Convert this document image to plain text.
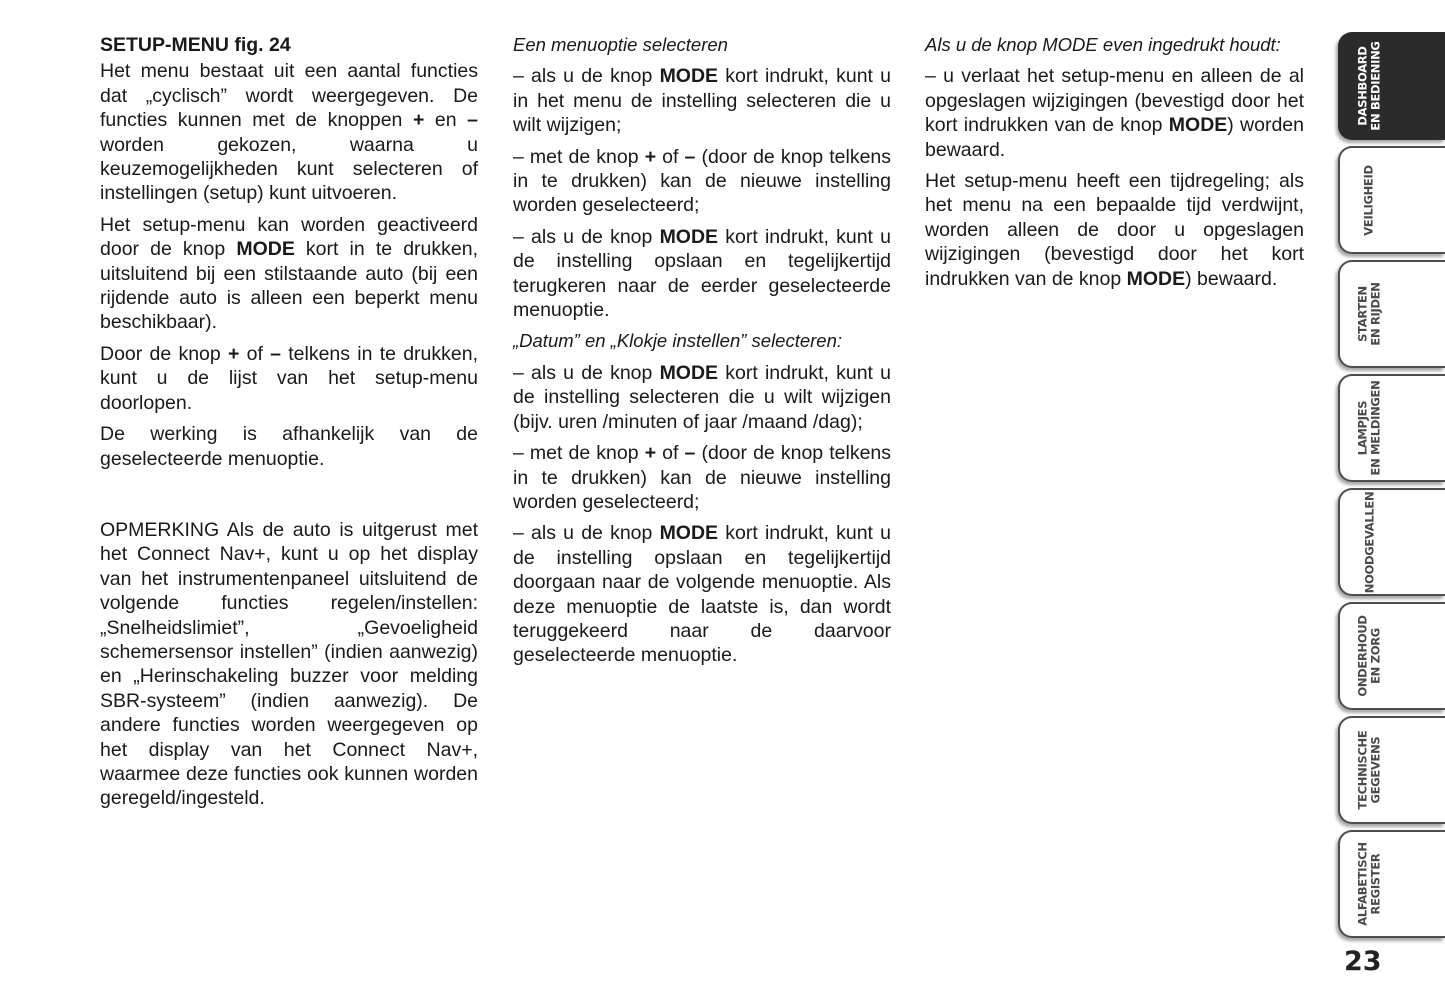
SETUP-MENU fig. 24

Het menu bestaat uit een aantal functies dat „cyclisch” wordt weergegeven. De functies kunnen met de knoppen + en – worden gekozen, waarna u keuzemogelijkheden kunt selecteren of instellingen (setup) kunt uitvoeren.

Het setup-menu kan worden geactiveerd door de knop MODE kort in te drukken, uitsluitend bij een stilstaande auto (bij een rijdende auto is alleen een beperkt menu beschikbaar).

Door de knop + of – telkens in te drukken, kunt u de lijst van het setup-menu doorlopen.

De werking is afhankelijk van de geselecteerde menuoptie.

OPMERKING Als de auto is uitgerust met het Connect Nav+, kunt u op het display van het instrumentenpaneel uitsluitend de volgende functies regelen/instellen: „Snelheidslimiet”, „Gevoeligheid schemersensor instellen” (indien aanwezig) en „Herinschakeling buzzer voor melding SBR-systeem” (indien aanwezig). De andere functies worden weergegeven op het display van het Connect Nav+, waarmee deze functies ook kunnen worden geregeld/ingesteld.

Een menuoptie selecteren

– als u de knop MODE kort indrukt, kunt u in het menu de instelling selecteren die u wilt wijzigen;

– met de knop + of – (door de knop telkens in te drukken) kan de nieuwe instelling worden geselecteerd;

– als u de knop MODE kort indrukt, kunt u de instelling opslaan en tegelijkertijd terugkeren naar de eerder geselecteerde menuoptie.

„Datum” en „Klokje instellen” selecteren:

– als u de knop MODE kort indrukt, kunt u de instelling selecteren die u wilt wijzigen (bijv. uren /minuten of jaar /maand /dag);

– met de knop + of – (door de knop telkens in te drukken) kan de nieuwe instelling worden geselecteerd;

– als u de knop MODE kort indrukt, kunt u de instelling opslaan en tegelijkertijd doorgaan naar de volgende menuoptie. Als deze menuoptie de laatste is, dan wordt teruggekeerd naar de daarvoor geselecteerde menuoptie.

Als u de knop MODE even ingedrukt houdt:

– u verlaat het setup-menu en alleen de al opgeslagen wijzigingen (bevestigd door het kort indrukken van de knop MODE) worden bewaard.

Het setup-menu heeft een tijdregeling; als het menu na een bepaalde tijd verdwijnt, worden alleen de door u opgeslagen wijzigingen (bevestigd door het kort indrukken van de knop MODE) bewaard.

DASHBOARD
EN BEDIENING
VEILIGHEID
STARTEN
EN RIJDEN
LAMPJES
EN MELDINGEN
NOODGEVALLEN
ONDERHOUD
EN ZORG
TECHNISCHE
GEGEVENS
ALFABETISCH
REGISTER
23
